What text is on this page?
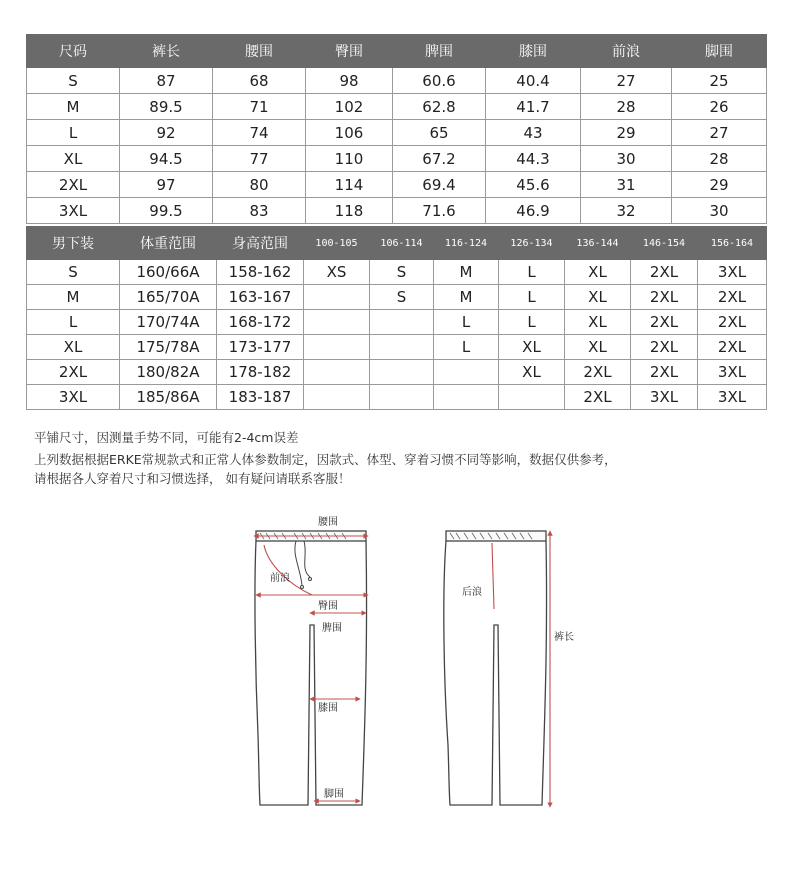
尺码	裤长	腰围	臀围	脾围	膝围	前浪	脚围
S	87	68	98	60.6	40.4	27	25
M	89.5	71	102	62.8	41.7	28	26
L	92	74	106	65	43	29	27
XL	94.5	77	110	67.2	44.3	30	28
2XL	97	80	114	69.4	45.6	31	29
3XL	99.5	83	118	71.6	46.9	32	30
男下装	体重范围	身高范围	100-105	106-114	116-124	126-134	136-144	146-154	156-164
S	160/66A	158-162	XS	S	M	L	XL	2XL	3XL
M	165/70A	163-167		S	M	L	XL	2XL	2XL
L	170/74A	168-172			L	L	XL	2XL	2XL
XL	175/78A	173-177			L	XL	XL	2XL	2XL
2XL	180/82A	178-182				XL	2XL	2XL	3XL
3XL	185/86A	183-187					2XL	3XL	3XL
平铺尺寸，因测量手势不同，可能有2-4cm误差
上列数据根据ERKE常规款式和正常人体参数制定，因款式、体型、穿着习惯不同等影响，数据仅供参考，
请根据各人穿着尺寸和习惯选择， 如有疑问请联系客服！
腰围
前浪
臀围
脾围
膝围
脚围
后浪
裤长
